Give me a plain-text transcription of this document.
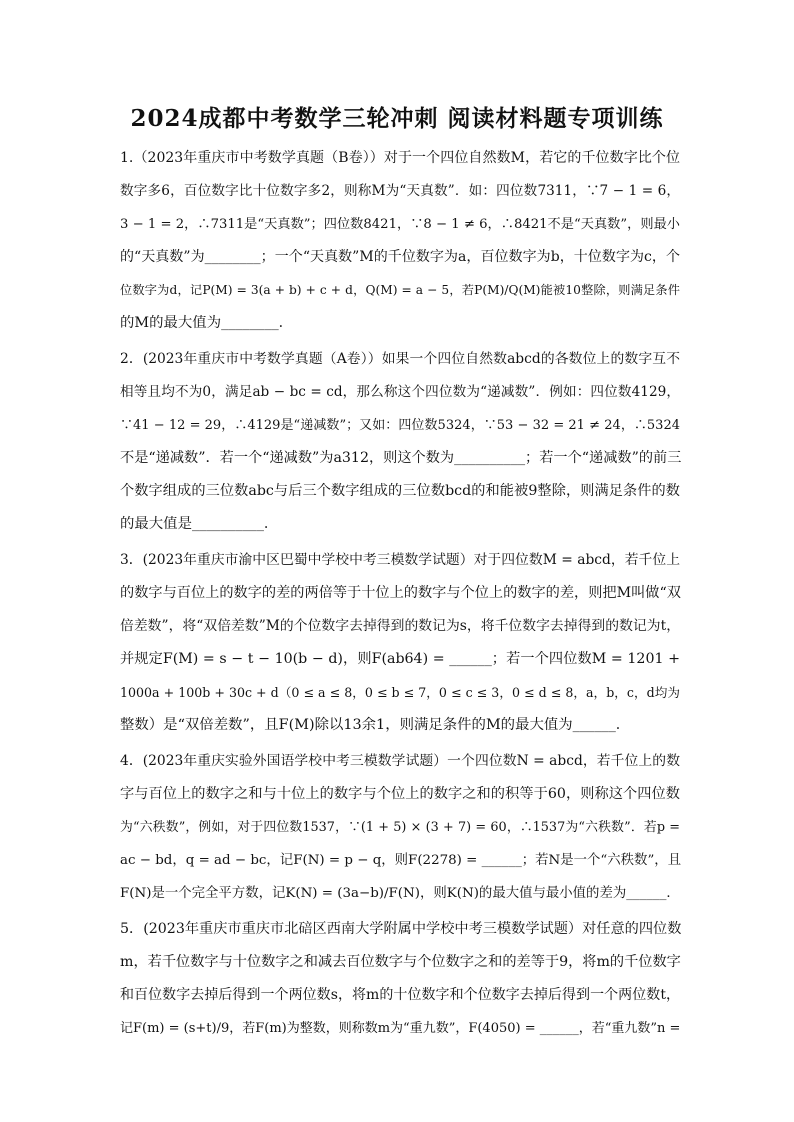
2024成都中考数学三轮冲刺 阅读材料题专项训练
1.（2023年重庆市中考数学真题（B卷））对于一个四位自然数M，若它的千位数字比个位
数字多6，百位数字比十位数字多2，则称M为“天真数”．如：四位数7311，∵7 − 1 = 6，
3 − 1 = 2，∴7311是“天真数”；四位数8421，∵8 − 1 ≠ 6，∴8421不是“天真数”，则最小
的“天真数”为________；一个“天真数”M的千位数字为a，百位数字为b，十位数字为c，个
位数字为d，记P(M) = 3(a + b) + c + d，Q(M) = a − 5，若P(M)/Q(M)能被10整除，则满足条件
的M的最大值为________．
2．(2023年重庆市中考数学真题（A卷））如果一个四位自然数abcd的各数位上的数字互不
相等且均不为0，满足ab − bc = cd，那么称这个四位数为“递减数”．例如：四位数4129，
∵41 − 12 = 29，∴4129是“递减数”；又如：四位数5324，∵53 − 32 = 21 ≠ 24，∴5324
不是“递减数”．若一个“递减数”为a312，则这个数为__________；若一个“递减数”的前三
个数字组成的三位数abc与后三个数字组成的三位数bcd的和能被9整除，则满足条件的数
的最大值是__________．
3．(2023年重庆市渝中区巴蜀中学校中考三模数学试题）对于四位数M = abcd，若千位上
的数字与百位上的数字的差的两倍等于十位上的数字与个位上的数字的差，则把M叫做“双
倍差数”，将“双倍差数”M的个位数字去掉得到的数记为s，将千位数字去掉得到的数记为t，
并规定F(M) = s − t − 10(b − d)，则F(ab64) = ______；若一个四位数M = 1201 +
1000a + 100b + 30c + d（0 ≤ a ≤ 8，0 ≤ b ≤ 7，0 ≤ c ≤ 3，0 ≤ d ≤ 8，a，b，c，d均为
整数）是“双倍差数”，且F(M)除以13余1，则满足条件的M的最大值为______．
4．(2023年重庆实验外国语学校中考三模数学试题）一个四位数N = abcd，若千位上的数
字与百位上的数字之和与十位上的数字与个位上的数字之和的积等于60，则称这个四位数
为“六秩数”，例如，对于四位数1537，∵(1 + 5) × (3 + 7) = 60，∴1537为“六秩数”．若p =
ac − bd，q = ad − bc，记F(N) = p − q，则F(2278) = ______；若N是一个“六秩数”，且
F(N)是一个完全平方数，记K(N) = (3a−b)/F(N)，则K(N)的最大值与最小值的差为______．
5．(2023年重庆市重庆市北碚区西南大学附属中学校中考三模数学试题）对任意的四位数
m，若千位数字与十位数字之和减去百位数字与个位数字之和的差等于9，将m的千位数字
和百位数字去掉后得到一个两位数s，将m的十位数字和个位数字去掉后得到一个两位数t，
记F(m) = (s+t)/9，若F(m)为整数，则称数m为“重九数”，F(4050) = ______，若“重九数”n =
